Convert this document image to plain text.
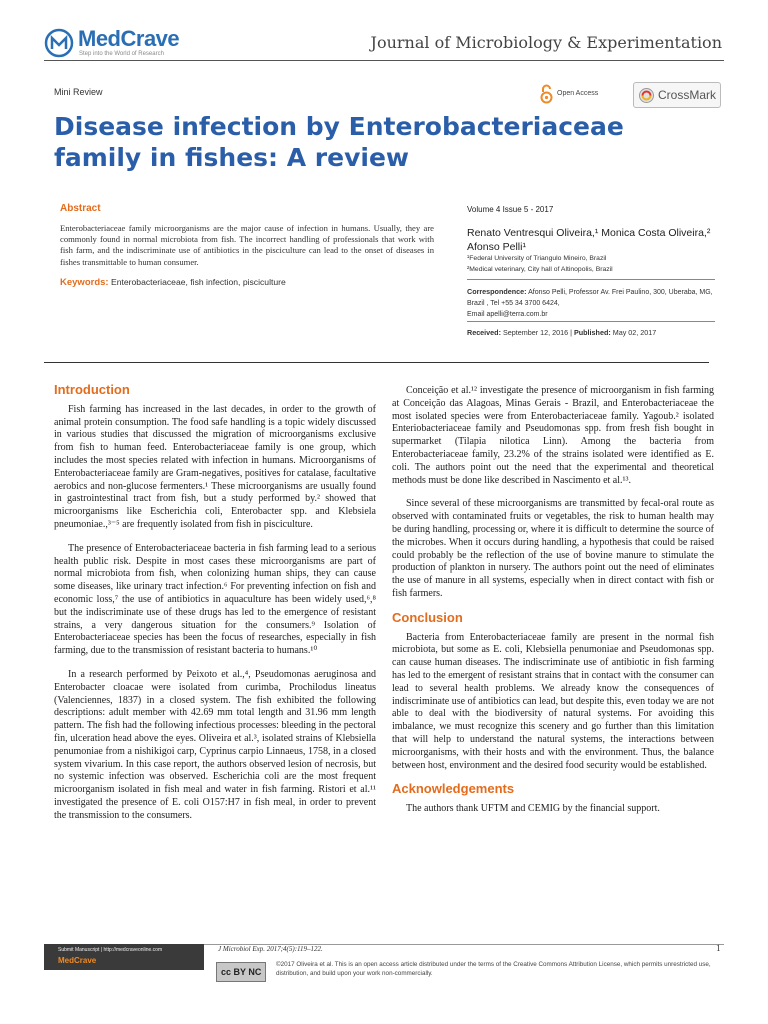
MedCrave
Step into the World of Research
Journal of Microbiology & Experimentation
Mini Review	Open Access	CrossMark
Disease infection by Enterobacteriaceae family in fishes: A review
Abstract
Enterobacteriaceae family microorganisms are the major cause of infection in humans. Usually, they are commonly found in normal microbiota from fish. The incorrect handling of professionals that work with fish farm, and the indiscriminate use of antibiotics in the pisciculture can lead to the onset of diseases in fishes transmittable to human consumer.
Keywords: Enterobacteriaceae, fish infection, pisciculture
Volume 4 Issue 5 - 2017
Renato Ventresqui Oliveira,¹ Monica Costa Oliveira,² Afonso Pelli¹
¹Federal University of Triangulo Mineiro, Brazil
²Medical veterinary, City hall of Altinopolis, Brazil
Correspondence: Afonso Pelli, Professor Av. Frei Paulino, 300, Uberaba, MG, Brazil , Tel +55 34 3700 6424,
Email apelli@terra.com.br
Received: September 12, 2016 | Published: May 02, 2017
Introduction

Fish farming has increased in the last decades, in order to the growth of animal protein consumption. The food safe handling is a topic widely discussed in various studies that discussed the migration of microorganisms exclusive from fish to human feed. Enterobacteriaceae family is one group, which includes the most species related with infection in humans. Microorganisms of Enterobacteriaceae family are Gram-negatives, positives for catalase, facultative aerobics and non-glucose fermenters.¹ These microorganisms are usually found in gastrointestinal tract from fish, but a study performed by.² showed that microorganisms like Escherichia coli, Enterobacter spp. and Klebsiela pneumoniae.,³⁻⁵ are frequently isolated from fish in pisciculture.

The presence of Enterobacteriaceae bacteria in fish farming lead to a serious health public risk. Despite in most cases these microorganisms are part of normal microbiota from fish, when colonizing human ships, they can cause some diseases, like urinary tract infection.⁶ For preventing infection on fish and economic loss,⁷ the use of antibiotics in aquaculture has been widely used,⁶,⁸ but the indiscriminate use of these drugs has led to the emergence of resistant strains, a very dangerous situation for the consumers.⁹ Isolation of Enterobacteriaceae species has been the focus of researches, especially in fish farming, due to the transmission of resistant bacteria to humans.¹⁰

In a research performed by Peixoto et al.,⁴, Pseudomonas aeruginosa and Enterobacter cloacae were isolated from curimba, Prochilodus lineatus (Valenciennes, 1837) in a closed system. The fish exhibited the following descriptions: adult member with 42.69 mm total length and 31.96 mm length pattern. The fish had the following infectious processes: bleeding in the pectoral fin, ulceration head above the eyes. Oliveira et al.³, isolated strains of Klebsiella penumoniae from a nishikigoi carp, Cyprinus carpio Linnaeus, 1758, in a closed system vivarium. In this case report, the authors observed lesion of necrosis, but no systemic infection was observed. Escherichia coli are the most frequent microorganism isolated in fish meal and water in fish farming. Ristori et al.¹¹ investigated the presence of E. coli O157:H7 in fish meal, in order to prevent the transmission to the consumers.

Conceição et al.¹² investigate the presence of microorganism in fish farming at Conceição das Alagoas, Minas Gerais - Brazil, and Enterobacteriaceae the most isolated species were from Enterobacteriaceae family. Yagoub.² isolated Enteriobacteriaceae family and Pseudomonas spp. from fresh fish bought in supermarket (Tilapia nilotica Linn). Among the bacteria from Enterobacteriaceae family, 23.2% of the strains isolated were identified as E. coli. The authors point out the need that the experimental and theoretical methods must be done like described in Nascimento et al.¹³.

Since several of these microorganisms are transmitted by fecal-oral route as observed with contaminated fruits or vegetables, the risk to human health may be during handling, processing or, where it is difficult to determine the source of the microbes. When it occurs during handling, a hypothesis that could be raised could probably be the reflection of the use of bovine manure to stimulate the production of plankton in nursery. The authors point out the need of eliminates the use of manure in all systems, especially when in direct contact with fish or fish farmers.

Conclusion

Bacteria from Enterobacteriaceae family are present in the normal fish microbiota, but some as E. coli, Klebsiella penumoniae and Pseudomonas spp. can cause human diseases. The indiscriminate use of antibiotic in fish farming has led to the emergent of resistant strains that in contact with the consumer can lead to several health problems. We already know the consequences of indiscriminate use of antibiotics can lead, but despite this, even today we are not able to deal with the biodiversity of natural systems. For avoiding this imbalance, we must recognize this scenery and go further than this limitation that will help to understand the natural systems, the interactions between microorganisms, with their hosts and with the environment. Thus, the balance between host, environment and the desired food security would be established.

Acknowledgements

The authors thank UFTM and CEMIG by the financial support.

Submit Manuscript | http://medcraveonline.com
MedCrave
J Microbiol Exp. 2017;4(5):119‒122.	1
cc BY NC
©2017 Oliveira et al. This is an open access article distributed under the terms of the Creative Commons Attribution License, which permits unrestricted use, distribution, and build upon your work non-commercially.
